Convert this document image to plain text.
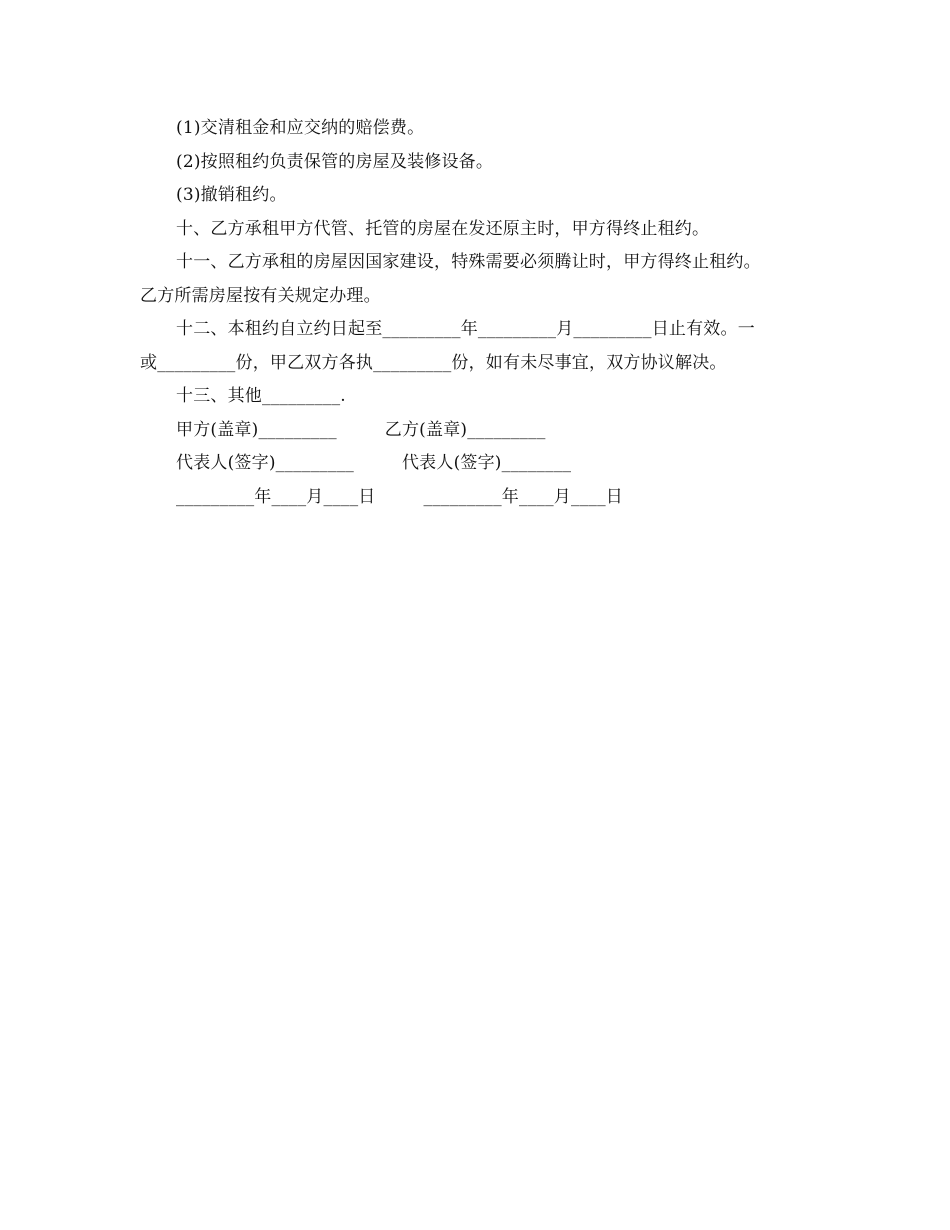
(1)交清租金和应交纳的赔偿费。
(2)按照租约负责保管的房屋及装修设备。
(3)撤销租约。
十、乙方承租甲方代管、托管的房屋在发还原主时，甲方得终止租约。
十一、乙方承租的房屋因国家建设，特殊需要必须腾让时，甲方得终止租约。
乙方所需房屋按有关规定办理。
十二、本租约自立约日起至_________年_________月_________日止有效。一
或_________份，甲乙双方各执_________份，如有未尽事宜，双方协议解决。
十三、其他_________.
甲方(盖章)_________	乙方(盖章)_________
代表人(签字)_________	代表人(签字)________
_________年____月____日	_________年____月____日
